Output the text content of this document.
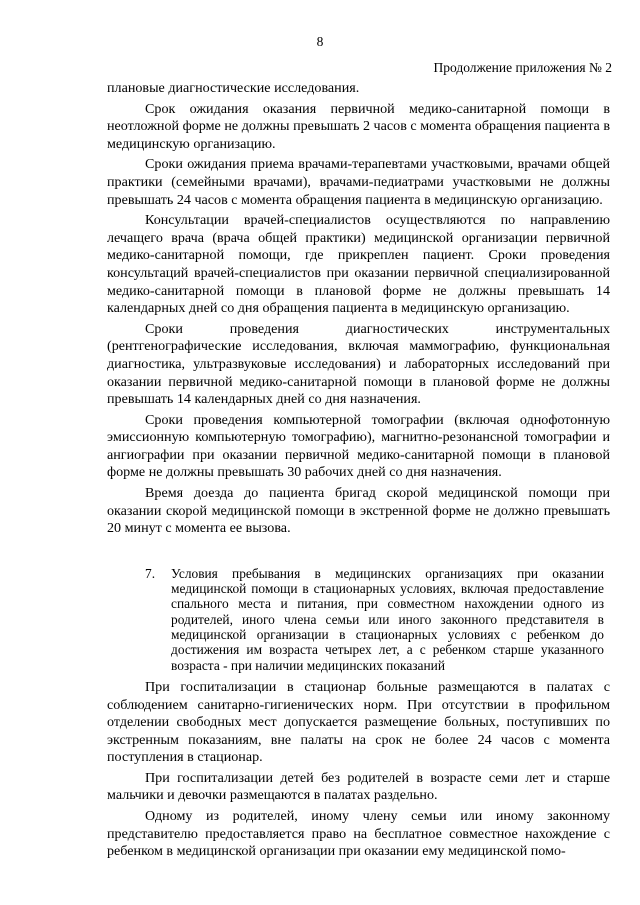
8
Продолжение приложения № 2

плановые диагностические исследования.

Срок ожидания оказания первичной медико-санитарной помощи в неотложной форме не должны превышать 2 часов с момента обращения пациента в медицинскую организацию.

Сроки ожидания приема врачами-терапевтами участковыми, врачами общей практики (семейными врачами), врачами-педиатрами участковыми не должны превышать 24 часов с момента обращения пациента в медицинскую организацию.

Консультации врачей-специалистов осуществляются по направлению лечащего врача (врача общей практики) медицинской организации первичной медико-санитарной помощи, где прикреплен пациент. Сроки проведения консультаций врачей-специалистов при оказании первичной специализированной медико-санитарной помощи в плановой форме не должны превышать 14 календарных дней со дня обращения пациента в медицинскую организацию.

Сроки проведения диагностических инструментальных (рентгенографические исследования, включая маммографию, функциональная диагностика, ультразвуковые исследования) и лабораторных исследований при оказании первичной медико-санитарной помощи в плановой форме не должны превышать 14 календарных дней со дня назначения.

Сроки проведения компьютерной томографии (включая однофотонную эмиссионную компьютерную томографию), магнитно-резонансной томографии и ангиографии при оказании первичной медико-санитарной помощи в плановой форме не должны превышать 30 рабочих дней со дня назначения.

Время доезда до пациента бригад скорой медицинской помощи при оказании скорой медицинской помощи в экстренной форме не должно превышать 20 минут с момента ее вызова.

7.	Условия пребывания в медицинских организациях при оказании медицинской помощи в стационарных условиях, включая предоставление спального места и питания, при совместном нахождении одного из родителей, иного члена семьи или иного законного представителя в медицинской организации в стационарных условиях с ребенком до достижения им возраста четырех лет, а с ребенком старше указанного возраста - при наличии медицинских показаний

При госпитализации в стационар больные размещаются в палатах с соблюдением санитарно-гигиенических норм. При отсутствии в профильном отделении свободных мест допускается размещение больных, поступивших по экстренным показаниям, вне палаты на срок не более 24 часов с момента поступления в стационар.

При госпитализации детей без родителей в возрасте семи лет и старше мальчики и девочки размещаются в палатах раздельно.

Одному из родителей, иному члену семьи или иному законному представителю предоставляется право на бесплатное совместное нахождение с ребенком в медицинской организации при оказании ему медицинской помо-
